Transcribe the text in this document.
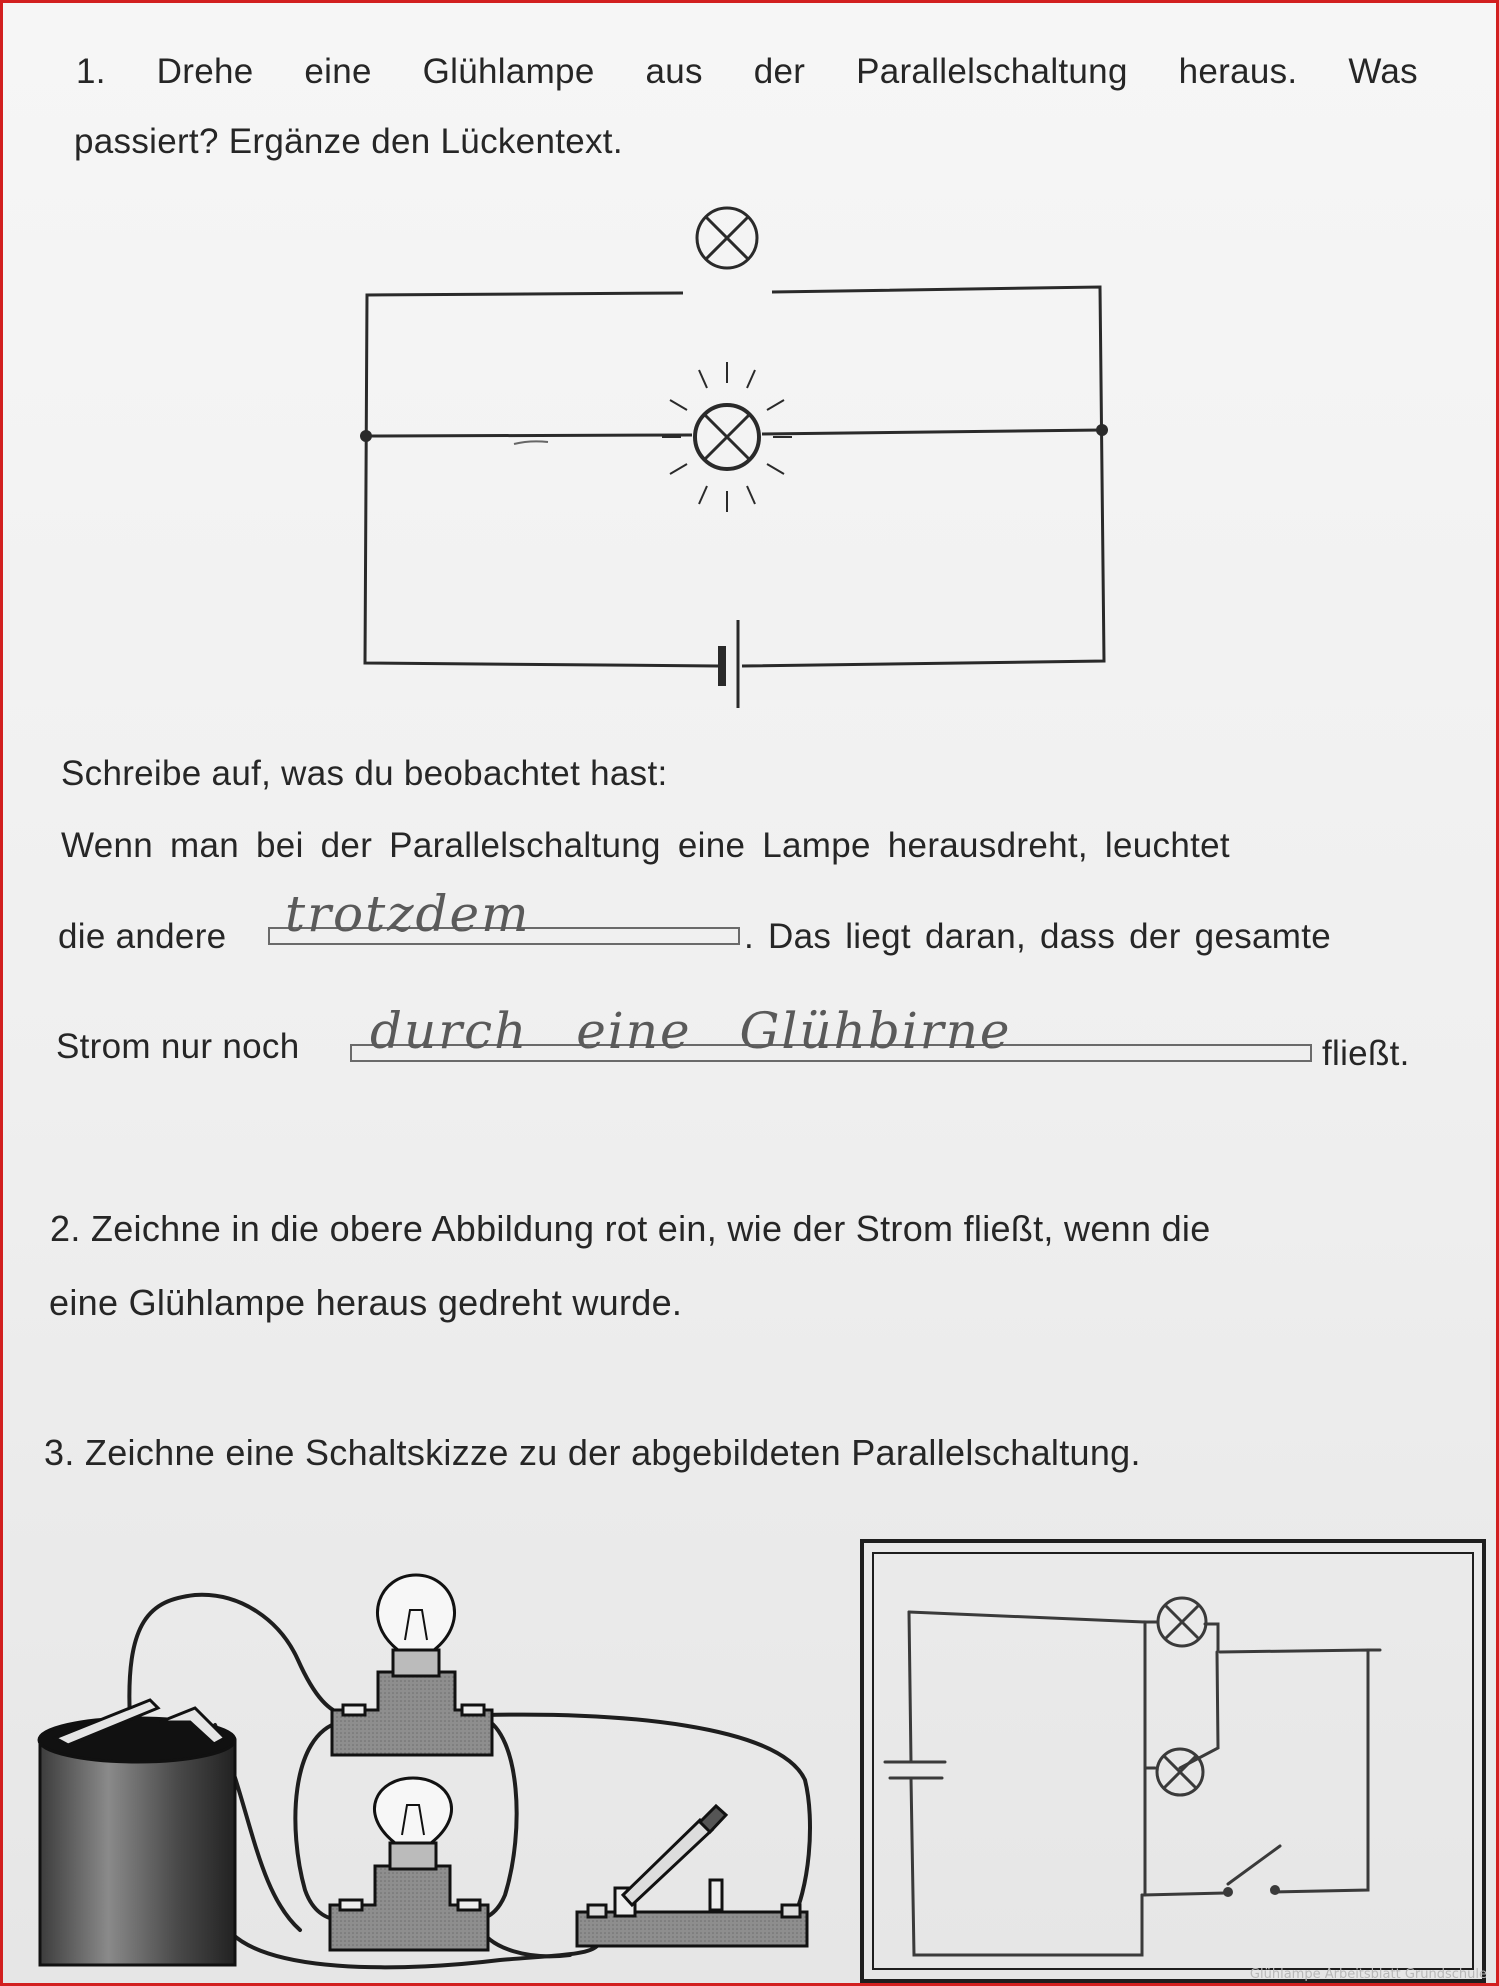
1. Drehe eine Glühlampe aus der Parallelschaltung heraus. Was
passiert? Ergänze den Lückentext.
Schreibe auf, was du beobachtet hast:
Wenn man bei der Parallelschaltung eine Lampe herausdreht, leuchtet
die andere trotzdem	. Das liegt daran, dass der gesamte
Strom nur noch durch eine Glühbirne	fließt.
2. Zeichne in die obere Abbildung rot ein, wie der Strom fließt, wenn die
eine Glühlampe heraus gedreht wurde.
3. Zeichne eine Schaltskizze zu der abgebildeten Parallelschaltung.
Glühlampe Arbeitsblatt Grundschule
